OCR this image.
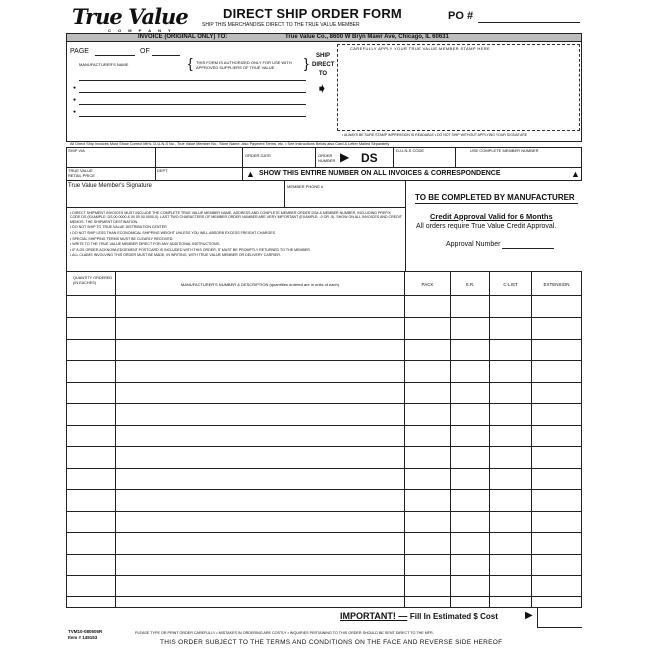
True Value
C O M P A N Y
DIRECT SHIP ORDER FORM
SHIP THIS MERCHANDISE DIRECT TO THE TRUE VALUE MEMBER
PO #
INVOICE (ORIGINAL ONLY) TO:	True Value Co., 8600 W Bryn Mawr Ave, Chicago, IL 60631
PAGE	OF
MANUFACTURER'S NAME	{ THIS FORM IS AUTHORIZED ONLY FOR USE WITH APPROVED SUPPLIERS OF TRUE VALUE	}
●
●
●
SHIP
DIRECT
TO
➧
CAREFULLY APPLY YOUR TRUE VALUE MEMBER STAMP HERE
• ALWAYS BE SURE STAMP IMPRESSION IS READABLE • DO NOT SHIP WITHOUT APPLYING YOUR SIGNATURE
All Direct Ship Invoices Must Show Correct Mfr's. D-U-N-S No., True Value Member No., Store Name, also Payment Terms, etc. • See Instructions Below also Card & Letter Mailed Separately
SHIP VIA
ORDER DATE	ORDER NUMBER ▶ DS
D-U-N-S CODE	USE COMPLETE MEMBER NUMBER
TRUE VALUE RETAIL PRICE
DEPT	▲ SHOW THIS ENTIRE NUMBER ON ALL INVOICES & CORRESPONDENCE	▲
True Value Member's Signature	MEMBER PHONE #
• DIRECT SHIPMENT INVOICES MUST INCLUDE THE COMPLETE TRUE VALUE MEMBER NAME, ADDRESS AND COMPLETE MEMBER ORDER DS# & MEMBER NUMBER, INCLUDING PREFIX CODE DS (EXAMPLE: DS 00 0000 & 00 00 00 0000-0). LAST TWO CHARACTERS OF MEMBER ORDER NUMBER ARE VERY IMPORTANT (EXAMPLE: -0 OR -5). SHOW ON ALL INVOICES AND CREDIT MEMOS. THE SHIPMENT DESTINATION.
• DO NOT SHIP TO TRUE VALUE DISTRIBUTION CENTER
• DO NOT SHIP LESS THAN ECONOMICAL SHIPPING WEIGHT UNLESS YOU WILL ABSORB EXCESS FREIGHT CHARGES.
• SPECIAL SHIPPING TERMS MUST BE CLEARLY RECEIVED.
• WRITE TO THE TRUE VALUE MEMBER DIRECT FOR ANY ADDITIONAL INSTRUCTIONS.
• IF A DS ORDER ACKNOWLEDGEMENT POSTCARD IS INCLUDED WITH THIS ORDER, IT MUST BE PROMPTLY RETURNED TO THE MEMBER.
• ALL CLAIMS INVOLVING THIS ORDER MUST BE MADE, IN WRITING, WITH TRUE VALUE MEMBER OR DELIVERY CARRIER.
TO BE COMPLETED BY MANUFACTURER
Credit Approval Valid for 6 Months
All orders require True Value Credit Approval.
Approval Number
QUANTITY ORDERED (IN EACHES)	MANUFACTURER'S NUMBER & DESCRIPTION (quantities ordered are in units of each)	PACK	S.R.	C-LIST	EXTENSION
IMPORTANT! — Fill In Estimated $ Cost	▶
TVM10-080505R
Item # 149153
PLEASE TYPE OR PRINT ORDER CAREFULLY • MISTAKES IN ORDERING ARE COSTLY • INQUIRIES PERTAINING TO THIS ORDER SHOULD BE SENT DIRECT TO THE MFR.
THIS ORDER SUBJECT TO THE TERMS AND CONDITIONS ON THE FACE AND REVERSE SIDE HEREOF
